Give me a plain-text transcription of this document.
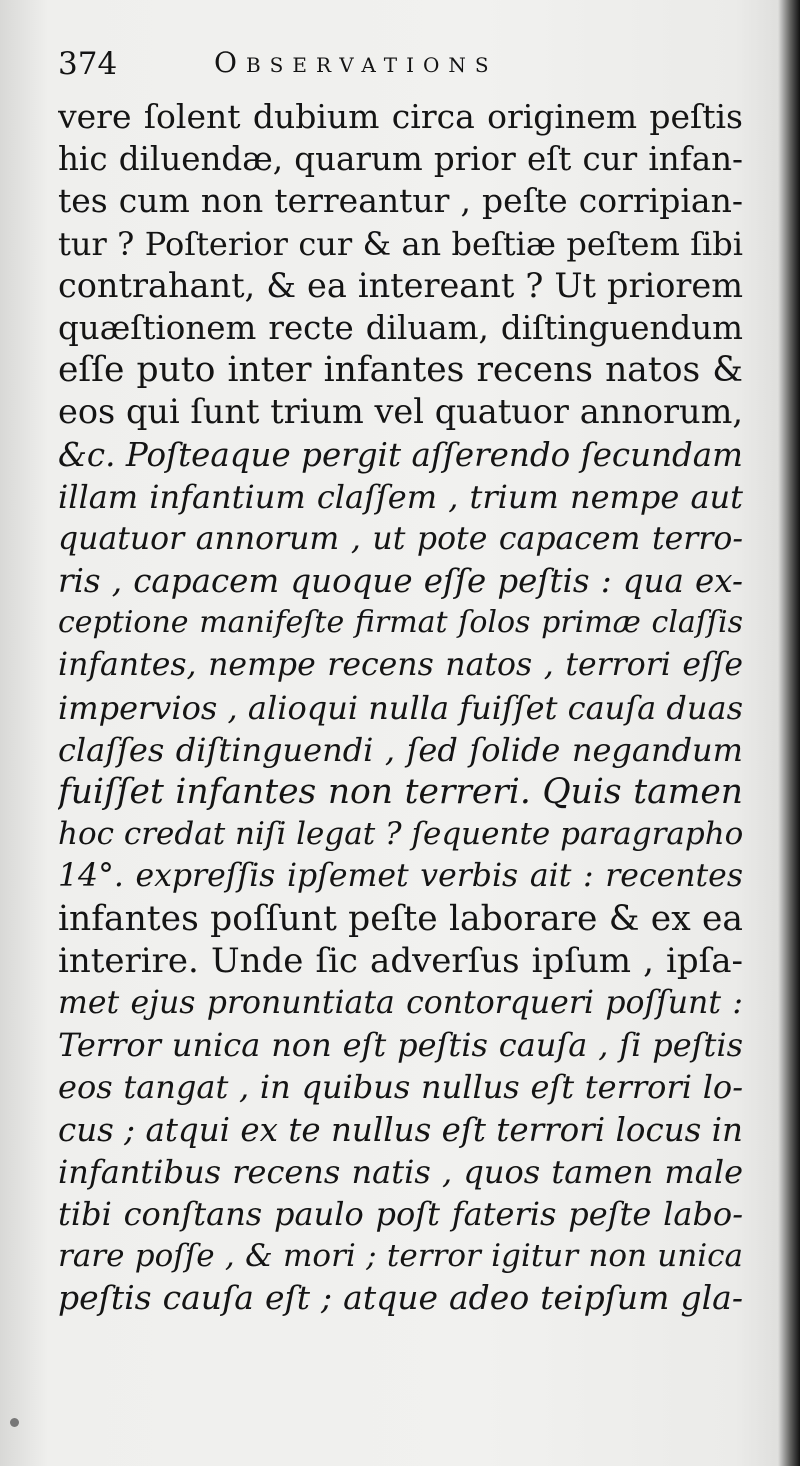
374	Observations
vere ſolent dubium circa originem peſtis
hic diluendæ, quarum prior eſt cur infan-
tes cum non terreantur , peſte corripian-
tur ? Poſterior cur & an beſtiæ peſtem ſibi
contrahant, & ea intereant ? Ut priorem
quæſtionem recte diluam, diſtinguendum
eſſe puto inter infantes recens natos &
eos qui ſunt trium vel quatuor annorum,
&c. Poſteaque pergit aſſerendo ſecundam
illam infantium claſſem , trium nempe aut
quatuor annorum , ut pote capacem terro-
ris , capacem quoque eſſe peſtis : qua ex-
ceptione manifeſte firmat ſolos primæ claſſis
infantes, nempe recens natos , terrori eſſe
impervios , alioqui nulla fuiſſet cauſa duas
claſſes diſtinguendi , ſed ſolide negandum
fuiſſet infantes non terreri. Quis tamen
hoc credat niſi legat ? ſequente paragrapho
14°. expreſſis ipſemet verbis ait : recentes
infantes poſſunt peſte laborare & ex ea
interire. Unde ſic adverſus ipſum , ipſa-
met ejus pronuntiata contorqueri poſſunt :
Terror unica non eſt peſtis cauſa , ſi peſtis
eos tangat , in quibus nullus eſt terrori lo-
cus ; atqui ex te nullus eſt terrori locus in
infantibus recens natis , quos tamen male
tibi conſtans paulo poſt fateris peſte labo-
rare poſſe , & mori ; terror igitur non unica
peſtis cauſa eſt ; atque adeo teipſum gla-
